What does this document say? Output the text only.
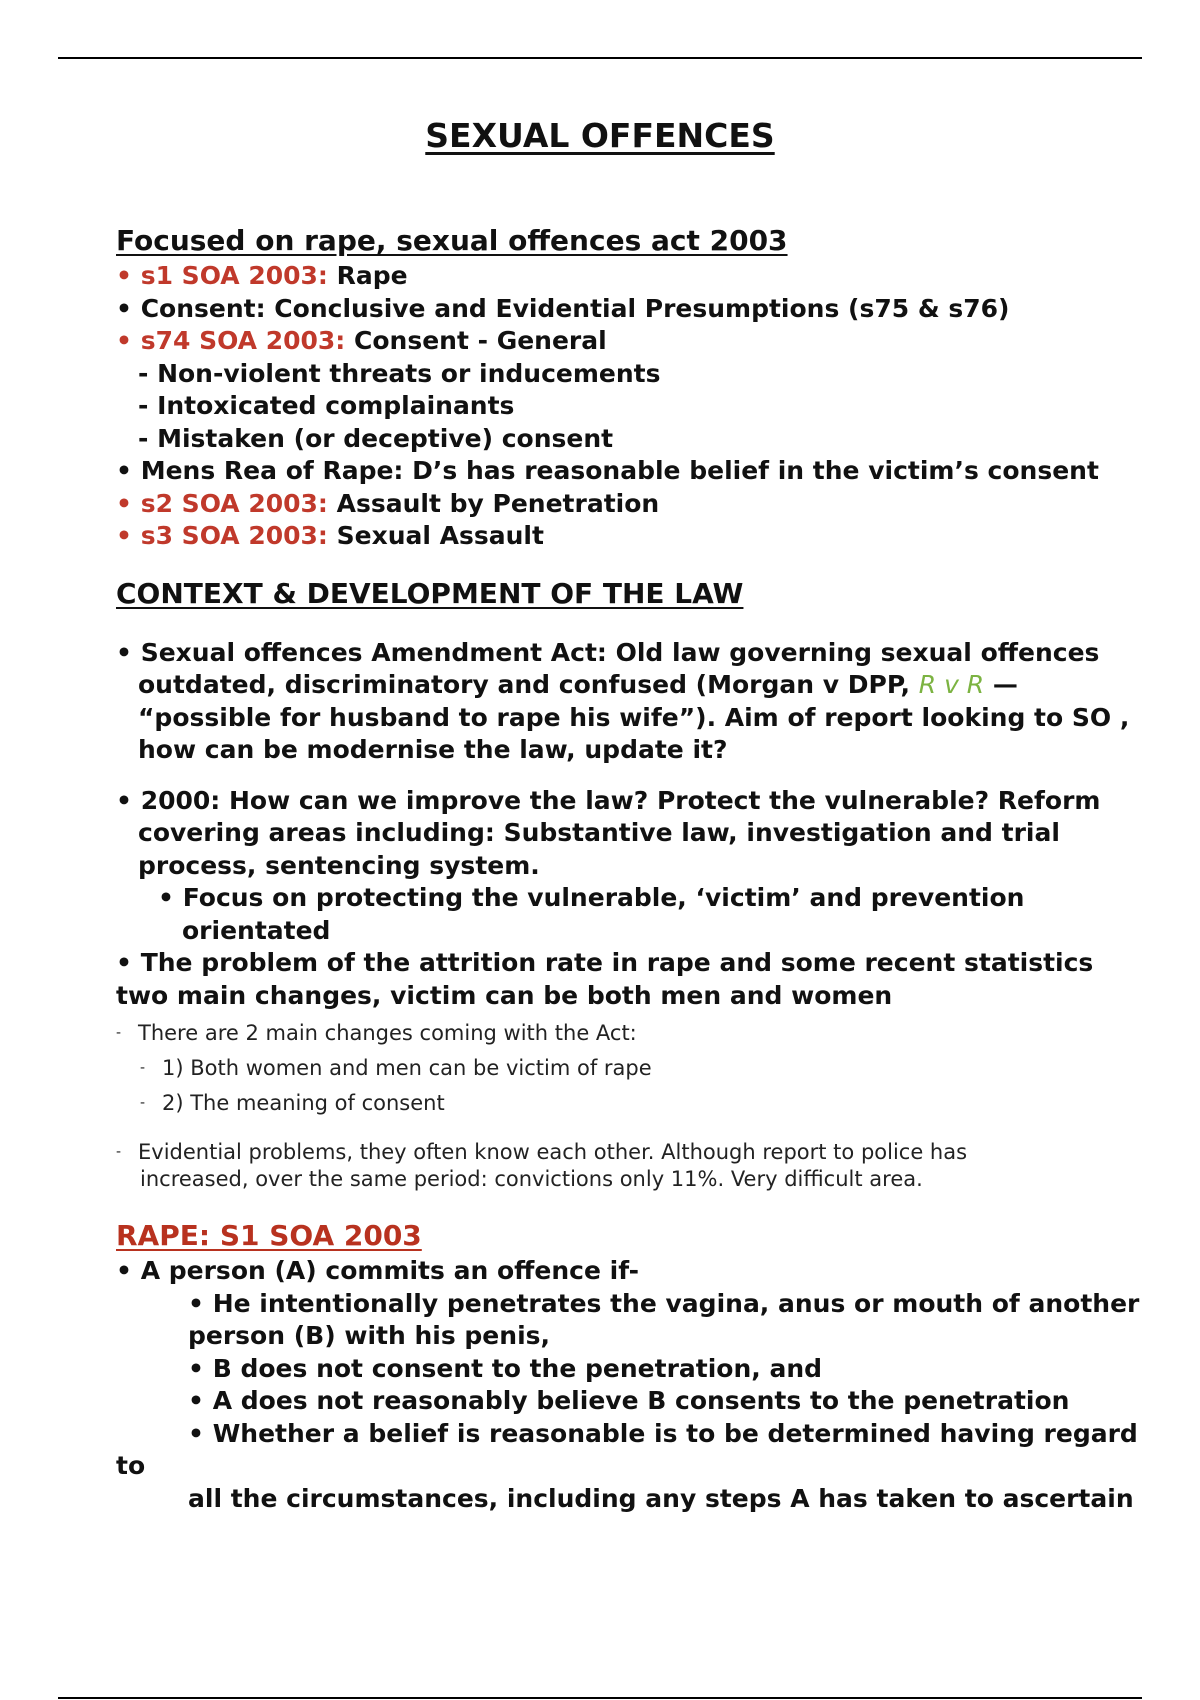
SEXUAL OFFENCES
Focused on rape, sexual offences act 2003
• s1 SOA 2003: Rape
• Consent: Conclusive and Evidential Presumptions (s75 & s76)
• s74 SOA 2003: Consent - General
- Non-violent threats or inducements
- Intoxicated complainants
- Mistaken (or deceptive) consent
• Mens Rea of Rape: D’s has reasonable belief in the victim’s consent
• s2 SOA 2003: Assault by Penetration
• s3 SOA 2003: Sexual Assault
CONTEXT & DEVELOPMENT OF THE LAW
• Sexual offences Amendment Act: Old law governing sexual offences
outdated, discriminatory and confused (Morgan v DPP, R v R —
“possible for husband to rape his wife”). Aim of report looking to SO ,
how can be modernise the law, update it?
• 2000: How can we improve the law? Protect the vulnerable? Reform
covering areas including: Substantive law, investigation and trial
process, sentencing system.
• Focus on protecting the vulnerable, ‘victim’ and prevention
orientated
• The problem of the attrition rate in rape and some recent statistics
two main changes, victim can be both men and women
- There are 2 main changes coming with the Act:
- 1) Both women and men can be victim of rape
- 2) The meaning of consent
- Evidential problems, they often know each other. Although report to police has
increased, over the same period: convictions only 11%. Very difficult area.
RAPE: S1 SOA 2003
• A person (A) commits an offence if-
• He intentionally penetrates the vagina, anus or mouth of another
person (B) with his penis,
• B does not consent to the penetration, and
• A does not reasonably believe B consents to the penetration
• Whether a belief is reasonable is to be determined having regard
to
all the circumstances, including any steps A has taken to ascertain
